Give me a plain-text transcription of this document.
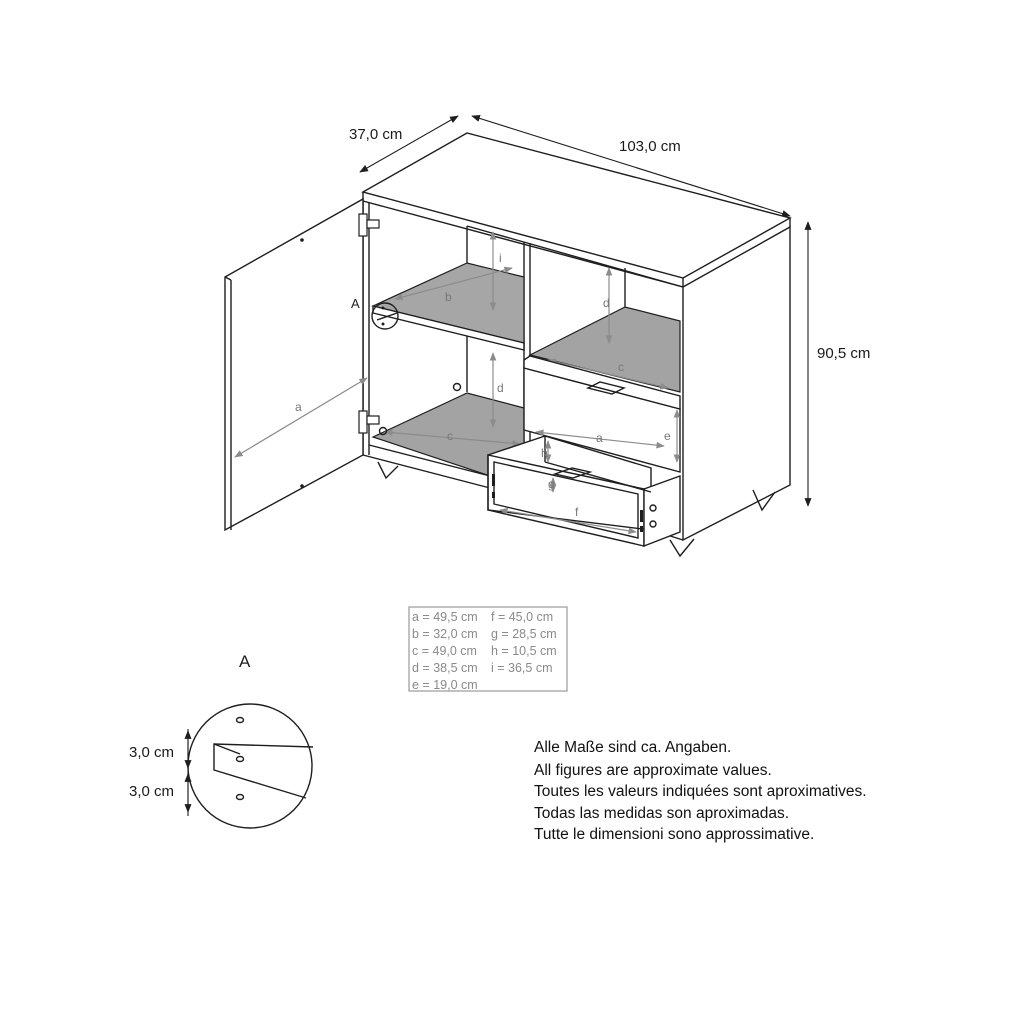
37,0 cm
103,0 cm
90,5 cm
i
b
d
c
d
c
a	e
h
g
f
a
A
a = 49,5 cm f = 45,0 cm
b = 32,0 cm g = 28,5 cm
c = 49,0 cm h = 10,5 cm
d = 38,5 cm i = 36,5 cm
e = 19,0 cm
A
3,0 cm
3,0 cm
Alle Maße sind ca. Angaben.
All figures are approximate values.
Toutes les valeurs indiquées sont aproximatives.
Todas las medidas son aproximadas.
Tutte le dimensioni sono approssimative.
